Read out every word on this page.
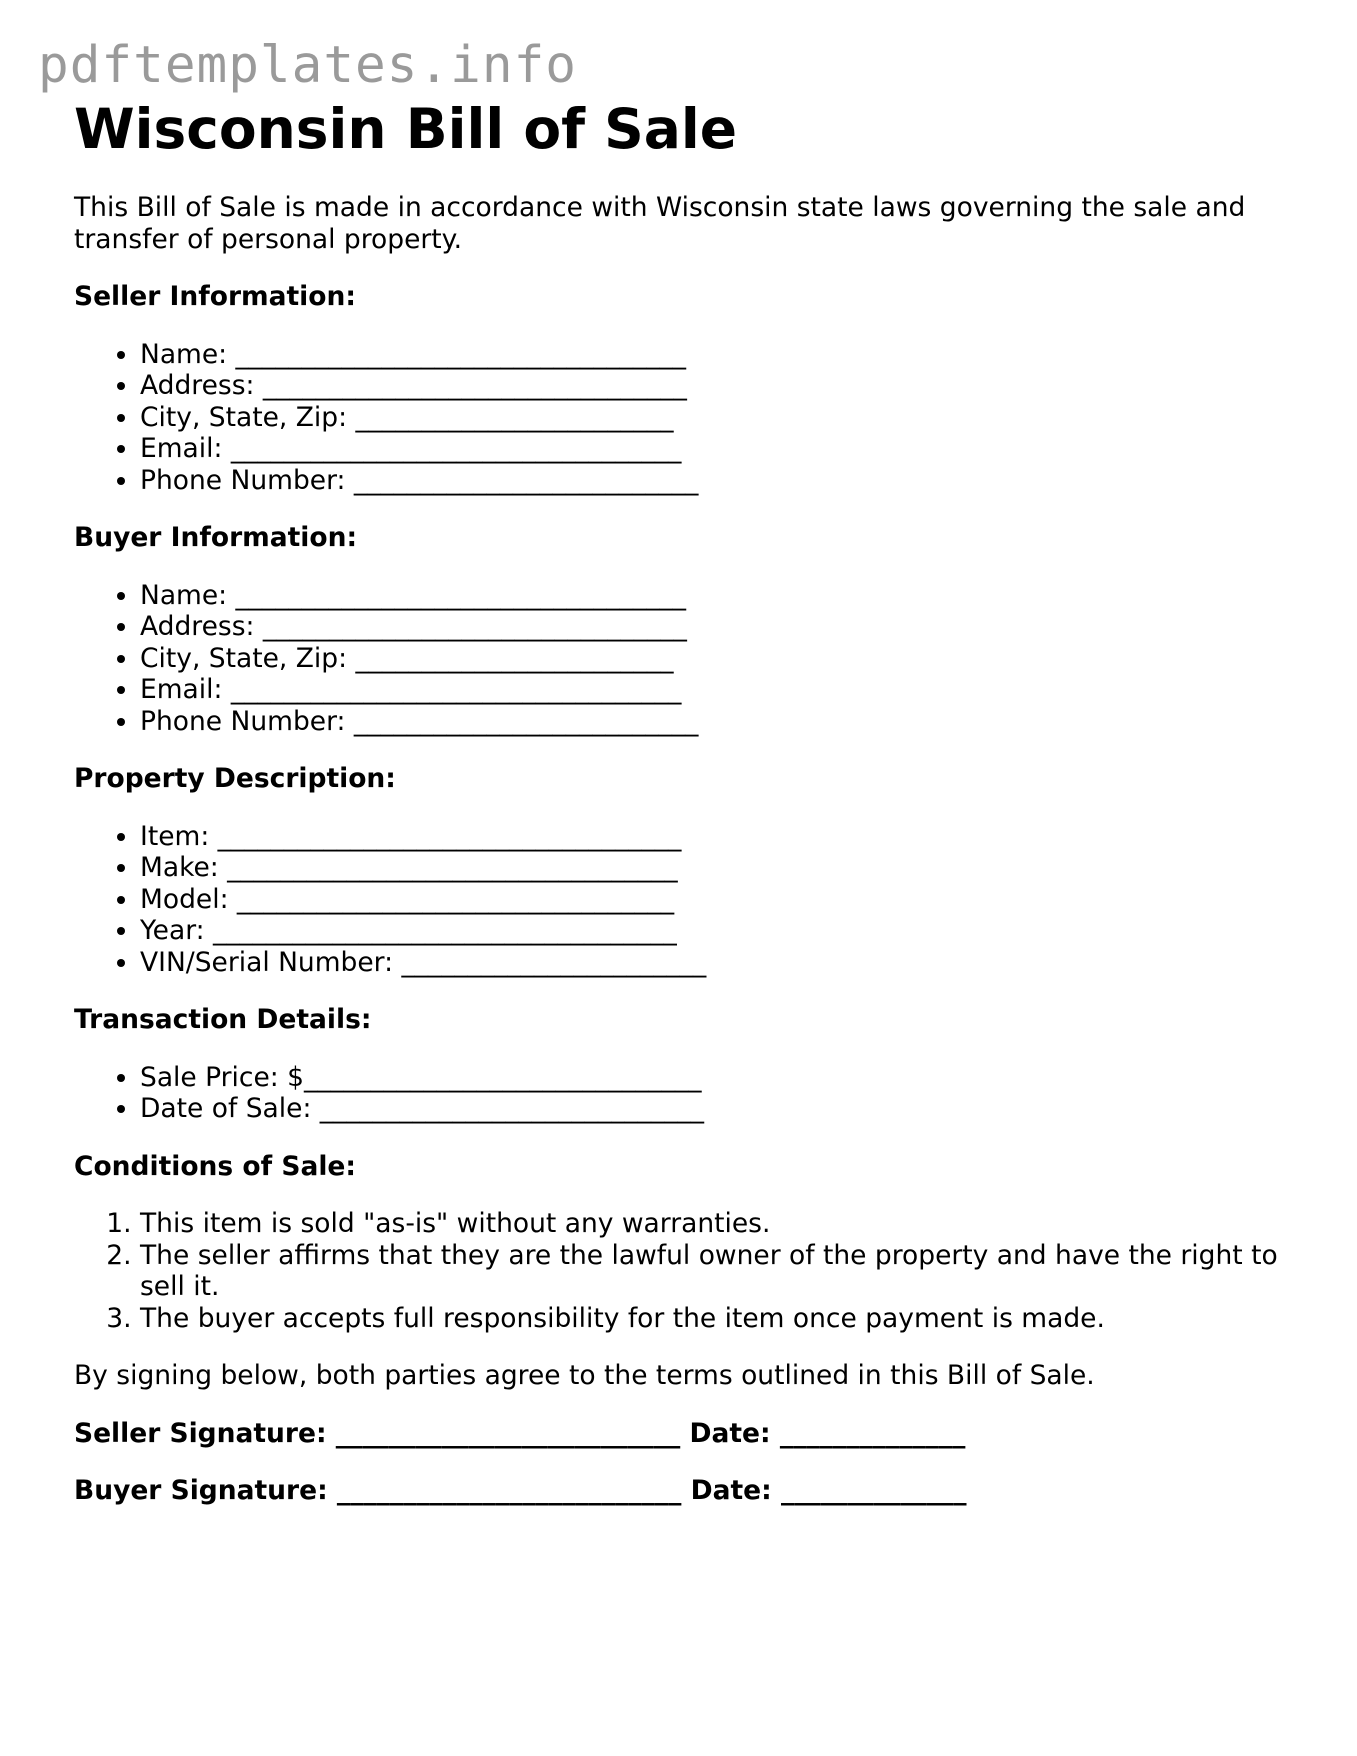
pdftemplates.info
Wisconsin Bill of Sale

This Bill of Sale is made in accordance with Wisconsin state laws governing the sale and transfer of personal property.

Seller Information:
• Name: __________________________________
• Address: ________________________________
• City, State, Zip: ________________________
• Email: __________________________________
• Phone Number: __________________________
Buyer Information:
• Name: __________________________________
• Address: ________________________________
• City, State, Zip: ________________________
• Email: __________________________________
• Phone Number: __________________________
Property Description:
• Item: ___________________________________
• Make: __________________________________
• Model: _________________________________
• Year: ___________________________________
• VIN/Serial Number: _______________________
Transaction Details:
• Sale Price: $______________________________
• Date of Sale: _____________________________
Conditions of Sale:
1. This item is sold "as-is" without any warranties.
2. The seller affirms that they are the lawful owner of the property and have the right to sell it.
3. The buyer accepts full responsibility for the item once payment is made.

By signing below, both parties agree to the terms outlined in this Bill of Sale.

Seller Signature: __________________________ Date: ______________
Buyer Signature: __________________________ Date: ______________
